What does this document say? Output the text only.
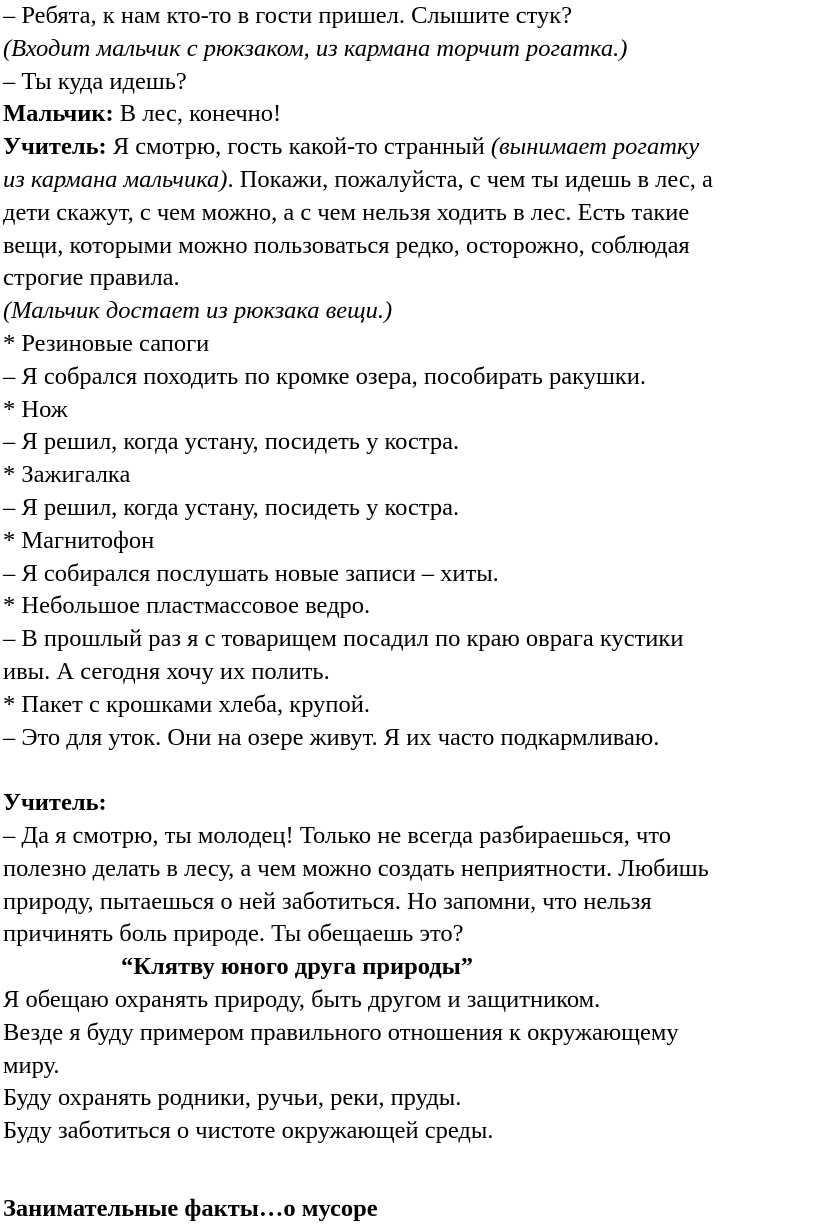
– Ребята, к нам кто-то в гости пришел. Слышите стук?
(Входит мальчик с рюкзаком, из кармана торчит рогатка.)
– Ты куда идешь?
Мальчик: В лес, конечно!
Учитель: Я смотрю, гость какой-то странный (вынимает рогатку
из кармана мальчика). Покажи, пожалуйста, с чем ты идешь в лес, а
дети скажут, с чем можно, а с чем нельзя ходить в лес. Есть такие
вещи, которыми можно пользоваться редко, осторожно, соблюдая
строгие правила.
(Мальчик достает из рюкзака вещи.)
* Резиновые сапоги
– Я собрался походить по кромке озера, пособирать ракушки.
* Нож
– Я решил, когда устану, посидеть у костра.
* Зажигалка
– Я решил, когда устану, посидеть у костра.
* Магнитофон
– Я собирался послушать новые записи – хиты.
* Небольшое пластмассовое ведро.
– В прошлый раз я с товарищем посадил по краю оврага кустики
ивы. А сегодня хочу их полить.
* Пакет с крошками хлеба, крупой.
– Это для уток. Они на озере живут. Я их часто подкармливаю.
Учитель:
– Да я смотрю, ты молодец! Только не всегда разбираешься, что
полезно делать в лесу, а чем можно создать неприятности. Любишь
природу, пытаешься о ней заботиться. Но запомни, что нельзя
причинять боль природе. Ты обещаешь это?
“Клятву юного друга природы”
Я обещаю охранять природу, быть другом и защитником.
Везде я буду примером правильного отношения к окружающему
миру.
Буду охранять родники, ручьи, реки, пруды.
Буду заботиться о чистоте окружающей среды.
Занимательные факты…о мусоре
